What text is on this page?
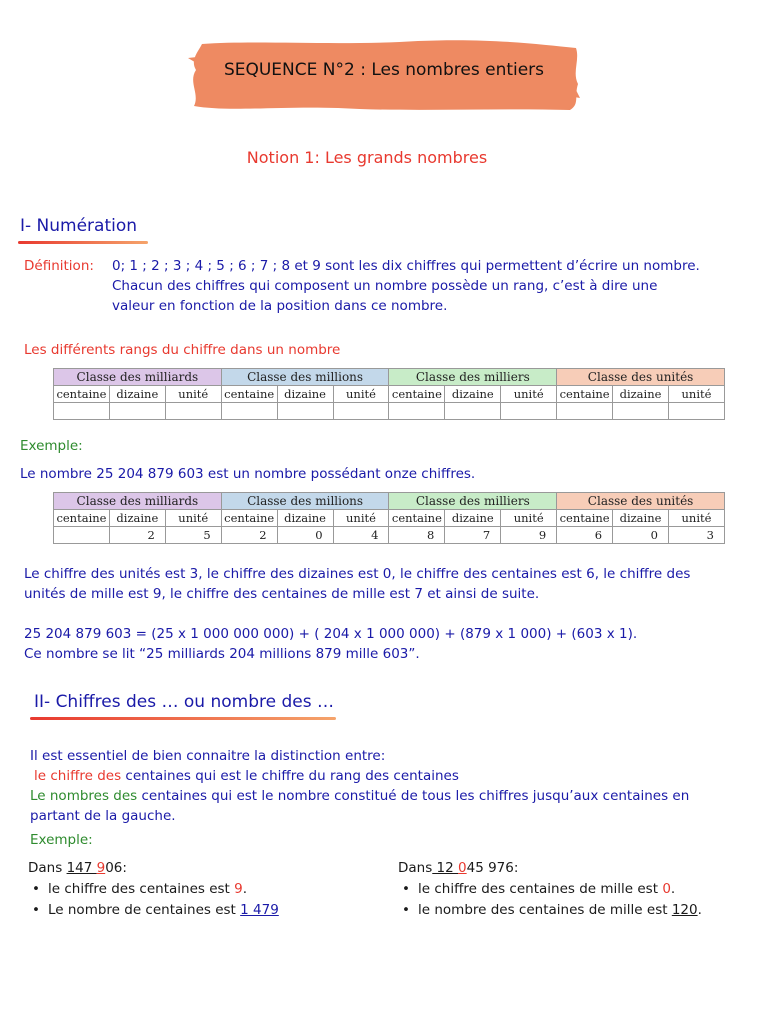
SEQUENCE N°2 : Les nombres entiers
Notion 1: Les grands nombres
I- Numération
Définition: 0; 1 ; 2 ; 3 ; 4 ; 5 ; 6 ; 7 ; 8 et 9 sont les dix chiffres qui permettent d’écrire un nombre.
Chacun des chiffres qui composent un nombre possède un rang, c’est à dire une
valeur en fonction de la position dans ce nombre.
Les différents rangs du chiffre dans un nombre
Classe des milliards			Classe des millions			Classe des milliers			Classe des unités		
centaine	dizaine	unité	centaine	dizaine	unité	centaine	dizaine	unité	centaine	dizaine	unité

Exemple:
Le nombre 25 204 879 603 est un nombre possédant onze chiffres.
Classe des milliards			Classe des millions			Classe des milliers			Classe des unités		
centaine	dizaine	unité	centaine	dizaine	unité	centaine	dizaine	unité	centaine	dizaine	unité
	2	5	2	0	4	8	7	9	6	0	3
Le chiffre des unités est 3, le chiffre des dizaines est 0, le chiffre des centaines est 6, le chiffre des
unités de mille est 9, le chiffre des centaines de mille est 7 et ainsi de suite.
25 204 879 603 = (25 x 1 000 000 000) + ( 204 x 1 000 000) + (879 x 1 000) + (603 x 1).
Ce nombre se lit “25 milliards 204 millions 879 mille 603”.
II- Chiffres des … ou nombre des …
Il est essentiel de bien connaitre la distinction entre:
le chiffre des centaines qui est le chiffre du rang des centaines
Le nombres des centaines qui est le nombre constitué de tous les chiffres jusqu’aux centaines en
partant de la gauche.
Exemple:
Dans 147 906:
• le chiffre des centaines est 9.
• Le nombre de centaines est 1 479
Dans 12 045 976:
• le chiffre des centaines de mille est 0.
• le nombre des centaines de mille est 120.
